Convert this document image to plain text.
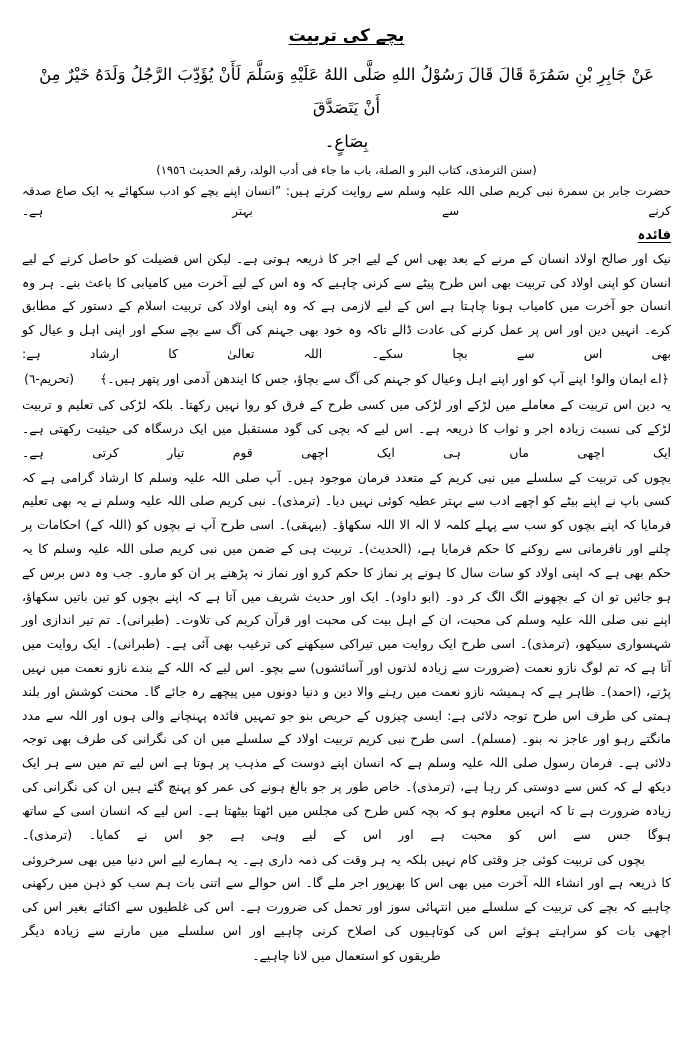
بچے کی تربیت
عَنْ جَابِرِ بْنِ سَمُرَةَ قَالَ قَالَ رَسُوْلُ اللهِ صَلَّى اللهُ عَلَيْهِ وَسَلَّمَ لَأَنْ يُؤَدِّبَ الرَّجُلُ وَلَدَهُ خَيْرٌ مِنْ أَنْ يَتَصَدَّقَ
بِصَاعٍ۔
(سنن الترمذی، کتاب البر و الصلة، باب ما جاء فی أدب الولد، رقم الحدیث ١٩٥٦)
حضرت جابر بن سمرة نبی کریم صلی اللہ علیہ وسلم سے روایت کرتے ہیں: ”انسان اپنے بچے کو ادب سکھائے یہ ایک صاع صدقہ کرنے سے بہتر ہے۔
فائدہ
نیک اور صالح اولاد انسان کے مرنے کے بعد بھی اس کے لیے اجر کا ذریعہ ہوتی ہے۔ لیکن اس فضیلت کو حاصل کرنے کے لیے انسان کو اپنی اولاد کی تربیت بھی اس طرح پیٹے سے کرنی چاہیے کہ وہ اس کے لیے آخرت میں کامیابی کا باعث بنے۔ ہر وہ انسان جو آخرت میں کامیاب ہونا چاہتا ہے اس کے لیے لازمی ہے کہ وہ اپنی اولاد کی تربیت اسلام کے دستور کے مطابق کرے۔ انہیں دین اور اس پر عمل کرنے کی عادت ڈالے تاکہ وہ خود بھی جہنم کی آگ سے بچے سکے اور اپنی اہل و عیال کو بھی اس سے بچا سکے۔ اللہ تعالیٰ کا ارشاد ہے:
﴿اے ایمان والو! اپنے آپ کو اور اپنے اہل وعیال کو جہنم کی آگ سے بچاؤ، جس کا ایندھن آدمی اور پتھر ہیں۔﴾
(تحریم-٦)
یہ دین اس تربیت کے معاملے میں لڑکے اور لڑکی میں کسی طرح کے فرق کو روا نہیں رکھتا۔ بلکہ لڑکی کی تعلیم و تربیت لڑکے کی نسبت زیادہ اجر و ثواب کا ذریعہ ہے۔ اس لیے کہ بچی کی گود مستقبل میں ایک درسگاہ کی حیثیت رکھتی ہے۔ ایک اچھی ماں ہی ایک اچھی قوم تیار کرتی ہے۔
بچوں کی تربیت کے سلسلے میں نبی کریم کے متعدد فرمان موجود ہیں۔ آپ صلی اللہ علیہ وسلم کا ارشاد گرامی ہے کہ کسی باپ نے اپنے بیٹے کو اچھے ادب سے بہتر عطیہ کوئی نہیں دیا۔ (ترمذی)۔ نبی کریم صلی اللہ علیہ وسلم نے یہ بھی تعلیم فرمایا کہ اپنے بچوں کو سب سے پہلے کلمہ لا الہ الا اللہ سکھاؤ۔ (بیہقی)۔ اسی طرح آپ نے بچوں کو (اللہ کے) احکامات پر چلنے اور نافرمانی سے روکنے کا حکم فرمایا ہے، (الحدیث)۔ تربیت ہی کے ضمن میں نبی کریم صلی اللہ علیہ وسلم کا یہ حکم بھی ہے کہ اپنی اولاد کو سات سال کا ہونے پر نماز کا حکم کرو اور نماز نہ پڑھنے پر ان کو مارو۔ جب وہ دس برس کے ہو جائیں تو ان کے بچھونے الگ الگ کر دو۔ (ابو داود)۔ ایک اور حدیث شریف میں آتا ہے کہ اپنے بچوں کو تین باتیں سکھاؤ، اپنے نبی صلی اللہ علیہ وسلم کی محبت، ان کے اہل بیت کی محبت اور قرآن کریم کی تلاوت۔ (طبرانی)۔ تم تیر اندازی اور شہسواری سیکھو، (ترمذی)۔ اسی طرح ایک روایت میں تیراکی سیکھنے کی ترغیب بھی آئی ہے۔ (طبرانی)۔ ایک روایت میں آتا ہے کہ تم لوگ نازو نعمت (ضرورت سے زیادہ لذتوں اور آسائشوں) سے بچو۔ اس لیے کہ اللہ کے بندے نازو نعمت میں نہیں پڑتے، (احمد)۔ ظاہر ہے کہ ہمیشہ نازو نعمت میں رہنے والا دین و دنیا دونوں میں پیچھے رہ جائے گا۔ محنت کوشش اور بلند ہمتی کی طرف اس طرح توجہ دلائی ہے: ایسی چیزوں کے حریص بنو جو تمہیں فائدہ پہنچانے والی ہوں اور اللہ سے مدد مانگتے رہو اور عاجز نہ بنو۔ (مسلم)۔ اسی طرح نبی کریم تربیت اولاد کے سلسلے میں ان کی نگرانی کی طرف بھی توجہ دلائی ہے۔ فرمان رسول صلی اللہ علیہ وسلم ہے کہ انسان اپنے دوست کے مذہب پر ہوتا ہے اس لیے تم میں سے ہر ایک دیکھ لے کہ کس سے دوستی کر رہا ہے، (ترمذی)۔ خاص طور پر جو بالغ ہونے کی عمر کو پہنچ گئے ہیں ان کی نگرانی کی زیادہ ضرورت ہے تا کہ انہیں معلوم ہو کہ بچہ کس طرح کی مجلس میں اٹھتا بیٹھتا ہے۔ اس لیے کہ انسان اسی کے ساتھ ہوگا جس سے اس کو محبت ہے اور اس کے لیے وہی ہے جو اس نے کمایا۔ (ترمذی)۔
بچوں کی تربیت کوئی جز وقتی کام نہیں بلکہ یہ ہر وقت کی ذمہ داری ہے۔ یہ ہمارے لیے اس دنیا میں بھی سرخروئی کا ذریعہ ہے اور انشاء اللہ آخرت میں بھی اس کا بھرپور اجر ملے گا۔ اس حوالے سے اتنی بات ہم سب کو ذہن میں رکھنی چاہیے کہ بچے کی تربیت کے سلسلے میں انتہائی سوز اور تحمل کی ضرورت ہے۔ اس کی غلطیوں سے اکتائے بغیر اس کی اچھی بات کو سراہتے ہوئے اس کی کوتاہیوں کی اصلاح کرنی چاہیے اور اس سلسلے میں مارنے سے زیادہ دیگر
طریقوں کو استعمال میں لانا چاہیے۔
